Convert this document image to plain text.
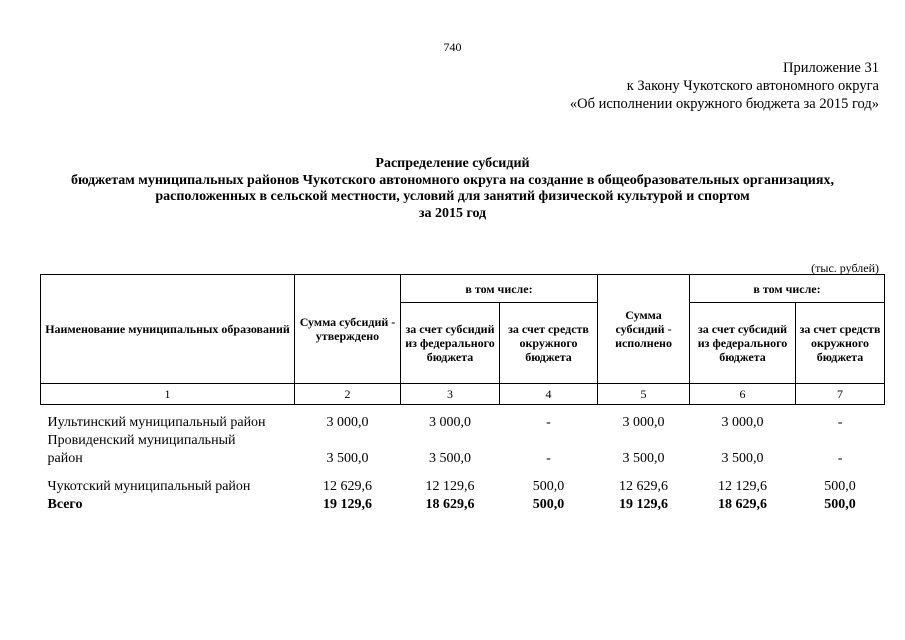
740
Приложение 31
к Закону Чукотского автономного округа
«Об исполнении окружного бюджета за 2015 год»
Распределение субсидий
бюджетам муниципальных районов Чукотского автономного округа на создание в общеобразовательных организациях,
расположенных в сельской местности, условий для занятий физической культурой и спортом
за 2015 год
(тыс. рублей)
Наименование муниципальных образований	Сумма субсидий - утверждено	в том числе:		Сумма субсидий - исполнено	в том числе:	
		за счет субсидий из федерального бюджета	за счет средств окружного бюджета		за счет субсидий из федерального бюджета	за счет средств окружного бюджета
1	2	3	4	5	6	7

Иультинский муниципальный район	3 000,0	3 000,0	-	3 000,0	3 000,0	-
Провиденский муниципальный						
район	3 500,0	3 500,0	-	3 500,0	3 500,0	-

Чукотский муниципальный район	12 629,6	12 129,6	500,0	12 629,6	12 129,6	500,0
Всего	19 129,6	18 629,6	500,0	19 129,6	18 629,6	500,0
